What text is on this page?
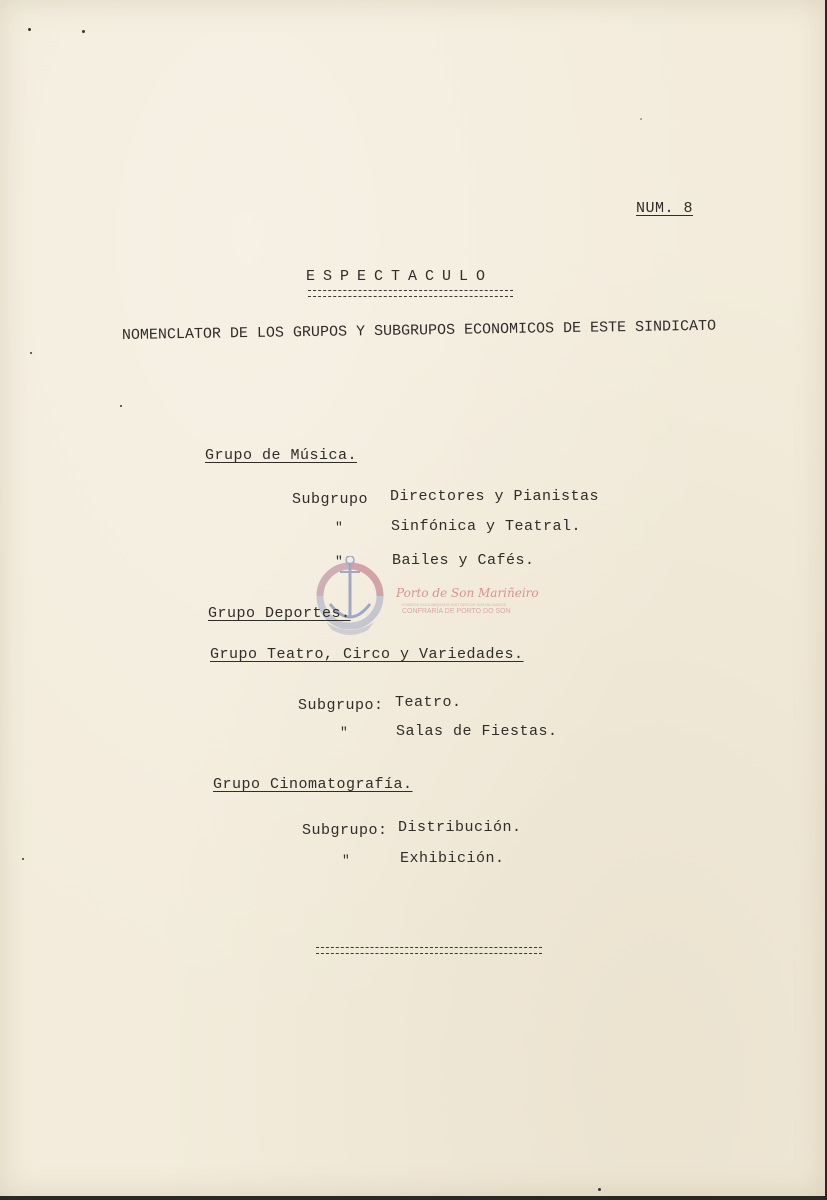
NUM. 8
ESPECTACULO
NOMENCLATOR DE LOS GRUPOS Y SUBGRUPOS ECONOMICOS DE ESTE SINDICATO
Grupo de Música.
Subgrupo Directores y Pianistas
"	Sinfónica y Teatral.
"	Bailes y Cafés.
Porto de Son Mariñeiro
FONDOS DOCUMENTAIS HISTÓRICOS DIXITALIZADOS
CONFRARÍA DE PORTO DO SON
Grupo Deportes.
Grupo Teatro, Circo y Variedades.
Subgrupo: Teatro.
"	Salas de Fiestas.
Grupo Cinomatografía.
Subgrupo: Distribución.
"	Exhibición.
